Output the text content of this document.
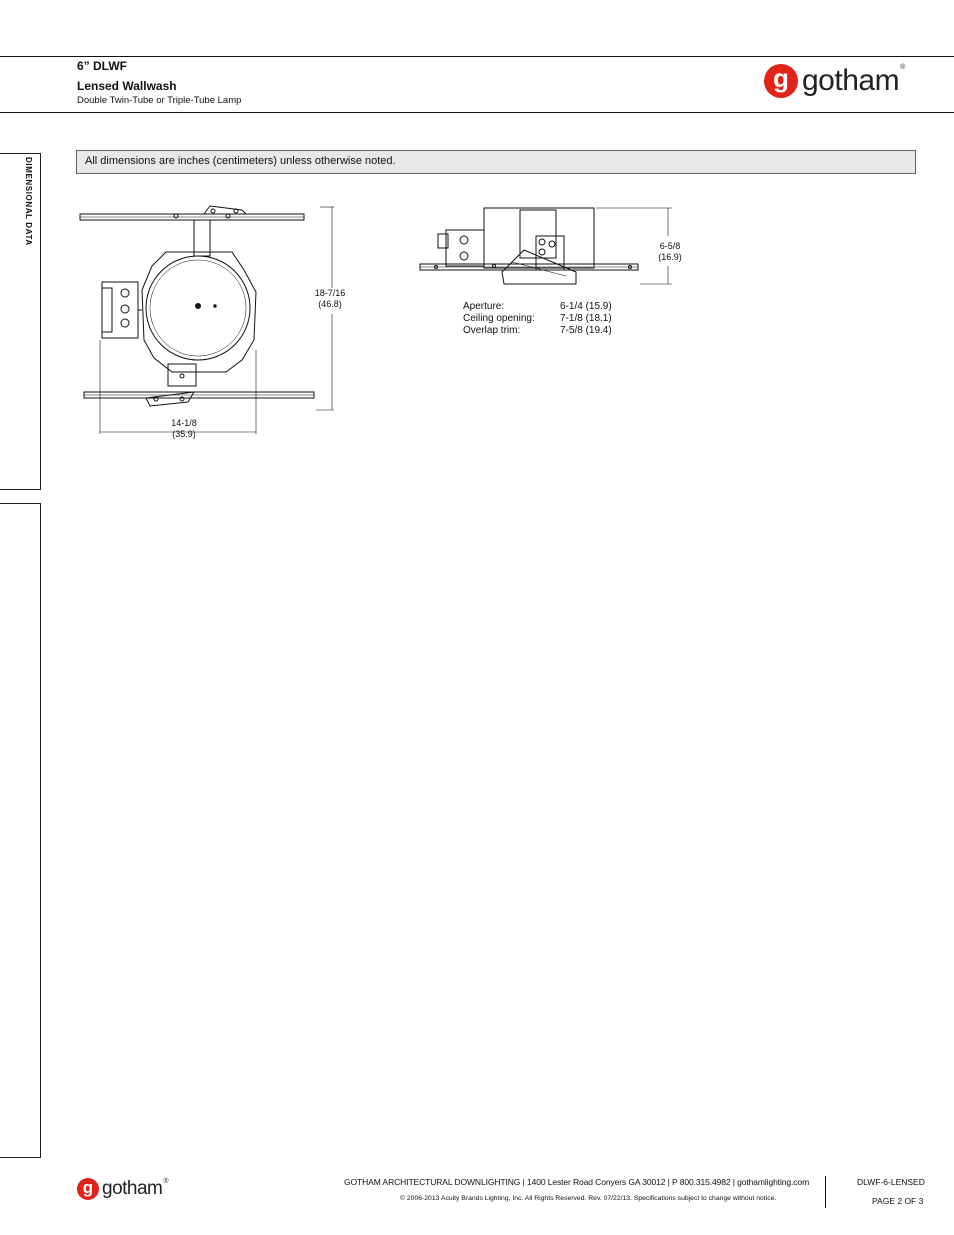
6” DLWF
Lensed Wallwash
Double Twin-Tube or Triple-Tube Lamp
g gotham®
DIMENSIONAL DATA	All dimensions are inches (centimeters) unless otherwise noted.
18-7/16
(46.8)
14-1/8
(35.9)
6-5/8
(16.9)
Aperture:	6-1/4 (15.9)
Ceiling opening:	7-1/8 (18.1)
Overlap trim:	7-5/8 (19.4)
g gotham®	GOTHAM ARCHITECTURAL DOWNLIGHTING | 1400 Lester Road Conyers GA 30012 | P 800.315.4982 | gothamlighting.com
© 2006-2013 Acuity Brands Lighting, Inc. All Rights Reserved. Rev. 07/22/13. Specifications subject to change without notice.
DLWF-6-LENSED
PAGE 2 OF 3
